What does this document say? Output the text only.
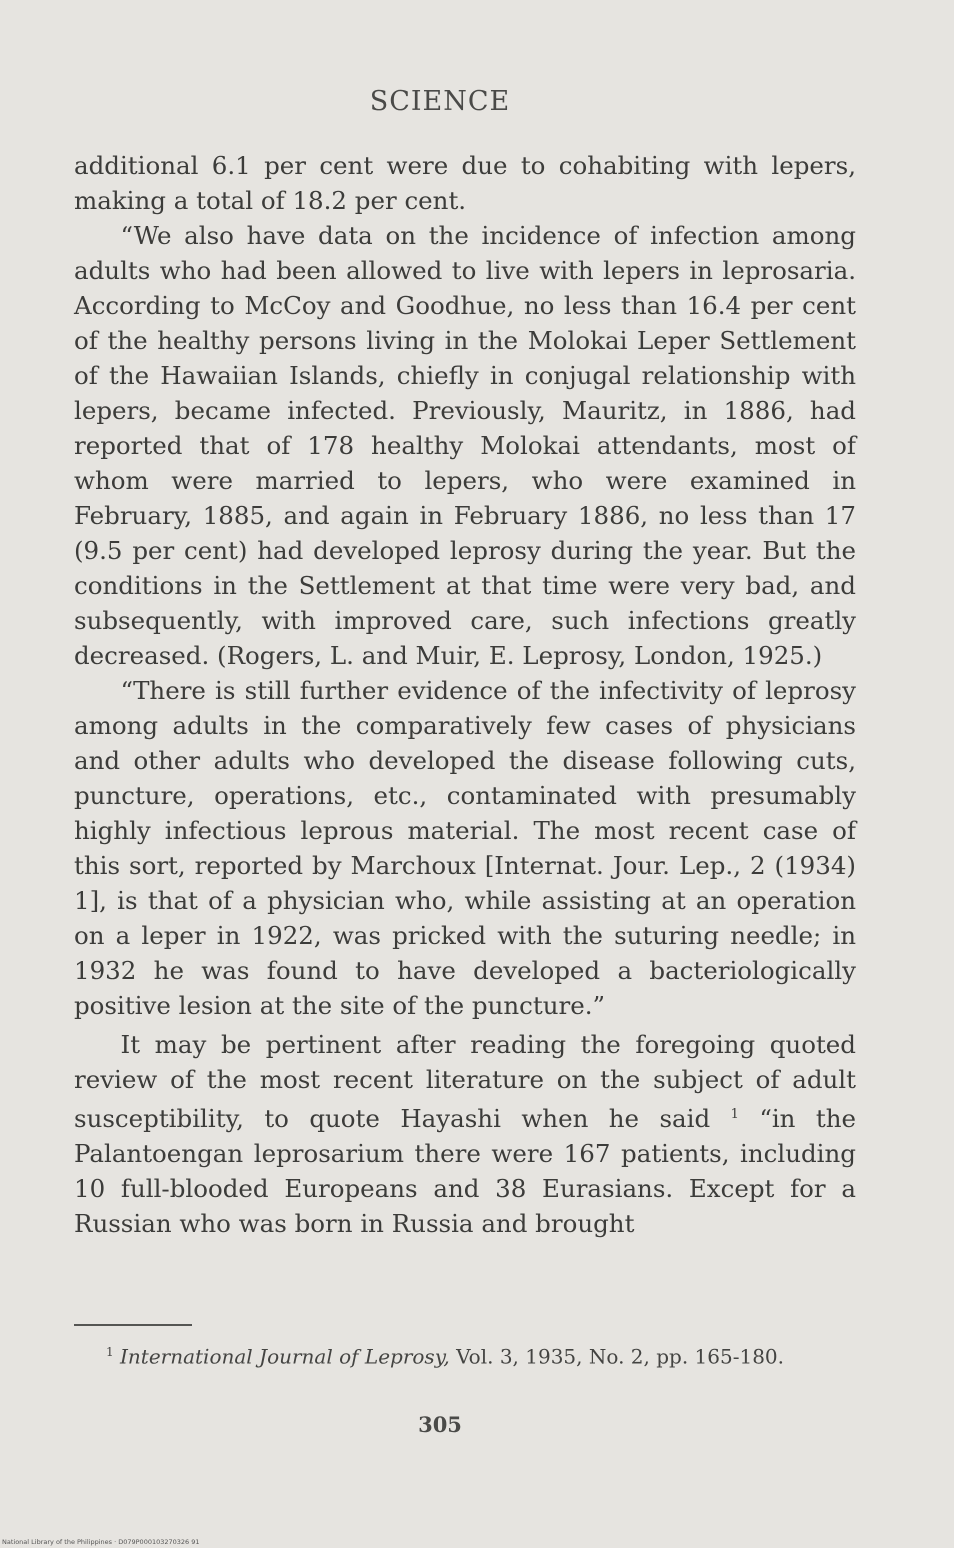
SCIENCE

additional 6.1 per cent were due to cohabiting with lepers, making a total of 18.2 per cent.

“We also have data on the incidence of infection among adults who had been allowed to live with lepers in leprosaria. According to McCoy and Goodhue, no less than 16.4 per cent of the healthy persons living in the Molokai Leper Settlement of the Hawaiian Islands, chiefly in conjugal relationship with lepers, became infected. Previously, Mauritz, in 1886, had reported that of 178 healthy Molokai attendants, most of whom were married to lepers, who were examined in February, 1885, and again in February 1886, no less than 17 (9.5 per cent) had developed leprosy during the year. But the conditions in the Settlement at that time were very bad, and subsequently, with improved care, such infections greatly decreased. (Rogers, L. and Muir, E. Leprosy, London, 1925.)

“There is still further evidence of the infectivity of leprosy among adults in the comparatively few cases of physicians and other adults who developed the disease following cuts, puncture, operations, etc., contaminated with presumably highly infectious leprous material. The most recent case of this sort, reported by Marchoux [Internat. Jour. Lep., 2 (1934) 1], is that of a physician who, while assisting at an operation on a leper in 1922, was pricked with the suturing needle; in 1932 he was found to have developed a bacteriologically positive lesion at the site of the puncture.”

It may be pertinent after reading the foregoing quoted review of the most recent literature on the subject of adult susceptibility, to quote Hayashi when he said $^1$ “in the Palantoengan leprosarium there were 167 patients, including 10 full-blooded Europeans and 38 Eurasians. Except for a Russian who was born in Russia and brought

$^1$ International Journal of Leprosy, Vol. 3, 1935, No. 2, pp. 165-180.
305
National Library of the Philippines · D079P000103270326 91
